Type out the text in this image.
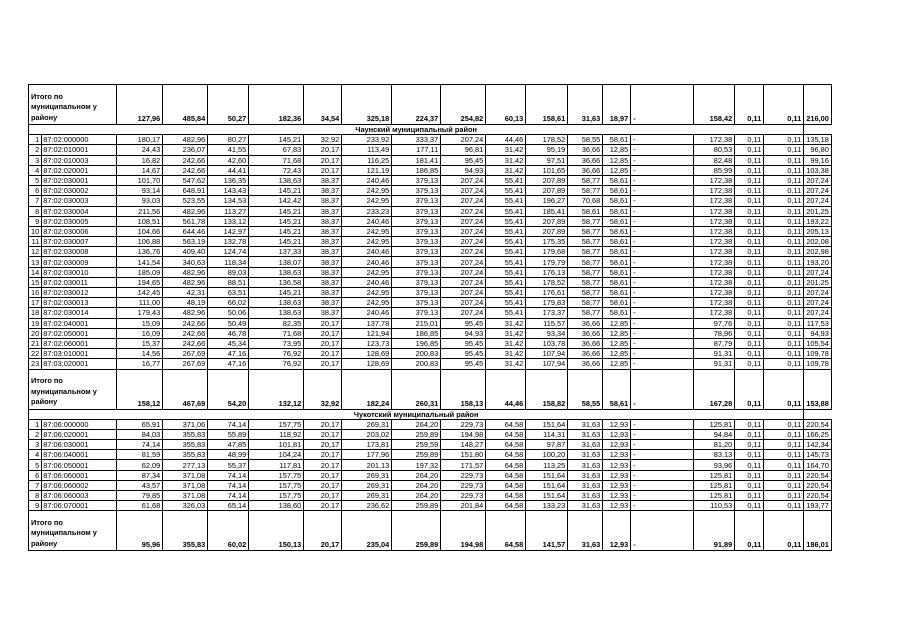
Итого по муниципальном у району		127,96	485,84	50,27	182,36	34,54	325,18	224,37	254,82	60,13	158,61	31,63	18,97	-		158,42	0,11	0,11	216,00
Чаунский муниципальный район																			
1	87:02:000000	180,17	482,96	80,27	145,21	32,92	233,92	333,37	207,24	44,46	178,52	58,55	58,61	-		172,38	0,11	0,11	135,18
2	87:02:010001	24,43	236,07	41,55	67,83	20,17	113,49	177,11	96,81	31,42	95,19	36,66	12,85	-		80,53	0,11	0,11	96,80
3	87:02:010003	16,82	242,66	42,60	71,68	20,17	116,25	181,41	95,45	31,42	97,51	36,66	12,85	-		82,48	0,11	0,11	99,16
4	87:02:020001	14,67	242,66	44,41	72,43	20,17	121,19	186,85	94,93	31,42	101,65	36,66	12,85	-		85,99	0,11	0,11	103,38
5	87:02:030001	101,70	547,62	136,35	138,63	38,37	240,46	379,13	207,24	55,41	207,89	58,77	58,61	-		172,38	0,11	0,11	207,24
6	87:02:030002	93,14	648,91	143,43	145,21	38,37	242,95	379,13	207,24	55,41	207,89	58,77	58,61	-		172,38	0,11	0,11	207,24
7	87:02:030003	93,03	523,55	134,53	142,42	38,37	242,95	379,13	207,24	55,41	196,27	70,68	58,61	-		172,38	0,11	0,11	207,24
8	87:02:030004	211,56	482,96	113,27	145,21	38,37	233,23	379,13	207,24	55,41	185,41	58,61	58,61	-		172,38	0,11	0,11	201,25
9	87:02:030005	108,51	561,78	133,12	145,21	38,37	240,46	379,13	207,24	55,41	207,89	58,77	58,61	-		172,38	0,11	0,11	193,22
10	87:02:030006	104,66	644,46	142,97	145,21	38,37	242,95	379,13	207,24	55,41	207,89	58,77	58,61	-		172,38	0,11	0,11	205,13
11	87:02:030007	106,88	563,19	132,78	145,21	38,37	242,95	379,13	207,24	55,41	175,35	58,77	58,61	-		172,38	0,11	0,11	202,08
12	87:02:030008	136,76	409,40	124,74	137,33	38,37	240,46	379,13	207,24	55,41	179,68	58,77	58,61	-		172,38	0,11	0,11	202,98
13	87:02:030009	141,54	340,63	118,34	138,07	38,37	240,46	379,13	207,24	55,41	179,79	58,77	58,61	-		172,38	0,11	0,11	193,20
14	87:02:030010	185,09	482,96	89,03	138,63	38,37	242,95	379,13	207,24	55,41	176,13	58,77	58,61	-		172,38	0,11	0,11	207,24
15	87:02:030011	194,65	482,96	88,51	136,58	38,37	240,46	379,13	207,24	55,41	178,52	58,77	58,61	-		172,38	0,11	0,11	201,25
16	87:02:030012	142,45	42,31	63,51	145,21	38,37	242,95	379,13	207,24	55,41	176,61	58,77	58,61	-		172,38	0,11	0,11	207,24
17	87:02:030013	111,00	48,19	66,02	138,63	38,37	242,95	379,13	207,24	55,41	179,83	58,77	58,61	-		172,38	0,11	0,11	207,24
18	87:02:030014	179,43	482,96	50,06	138,63	38,37	240,46	379,13	207,24	55,41	173,37	58,77	58,61	-		172,38	0,11	0,11	207,24
19	87:02:040001	15,09	242,66	50,49	82,35	20,17	137,78	215,01	95,45	31,42	115,57	36,66	12,85	-		97,76	0,11	0,11	117,53
20	87:02:050001	16,09	242,66	46,78	71,68	20,17	121,94	186,85	94,93	31,42	93,34	36,66	12,85	-		78,96	0,11	0,11	94,93
21	87:02:060001	15,37	242,66	45,34	73,95	20,17	123,73	196,85	95,45	31,42	103,78	36,66	12,85	-		87,79	0,11	0,11	105,54
22	87:03:010001	14,56	267,69	47,16	76,92	20,17	128,69	200,83	95,45	31,42	107,94	36,66	12,85	-		91,31	0,11	0,11	109,78
23	87:03:020001	16,77	267,69	47,16	76,92	20,17	128,69	200,83	95,45	31,42	107,94	36,66	12,85	-		91,31	0,11	0,11	109,78
Итого по муниципальном у району		158,12	467,69	54,20	132,12	32,92	182,24	260,31	158,13	44,46	158,82	58,55	58,61	-		167,28	0,11	0,11	153,88
Чукотский муниципальный район																			
1	87:06:000000	65,91	371,06	74,14	157,75	20,17	269,31	264,20	229,73	64,58	151,64	31,63	12,93	-		125,81	0,11	0,11	220,54
2	87:06:020001	84,03	355,83	55,89	118,92	20,17	203,02	259,89	194,98	64,58	114,31	31,63	12,93	-		94,84	0,11	0,11	166,25
3	87:06:030001	74,14	355,83	47,85	101,81	20,17	173,81	259,59	148,27	64,58	97,87	31,63	12,93	-		81,20	0,11	0,11	142,34
4	87:06:040001	81,59	355,83	48,99	104,24	20,17	177,96	259,89	151,80	64,58	100,20	31,63	12,93	-		83,13	0,11	0,11	145,73
5	87:06:050001	62,09	277,13	55,37	117,81	20,17	201,13	197,32	171,57	64,58	113,25	31,63	12,93	-		93,96	0,11	0,11	164,70
6	87:06:060001	87,34	371,08	74,14	157,75	20,17	269,31	264,20	229,73	64,58	151,64	31,63	12,93	-		125,81	0,11	0,11	220,54
7	87:06:060002	43,57	371,08	74,14	157,75	20,17	269,31	264,20	229,73	64,58	151,64	31,63	12,93	-		125,81	0,11	0,11	220,54
8	87:06:060003	79,85	371,08	74,14	157,75	20,17	269,31	264,20	229,73	64,58	151,64	31,63	12,93	-		125,81	0,11	0,11	220,54
9	87:06:070001	61,68	326,03	65,14	138,60	20,17	236,62	259,89	201,84	64,58	133,23	31,63	12,93	-		110,53	0,11	0,11	193,77
Итого по муниципальном у району		95,96	355,83	60,02	150,13	20,17	235,04	259,89	194,98	64,58	141,57	31,63	12,93	-		91,89	0,11	0,11	186,01
